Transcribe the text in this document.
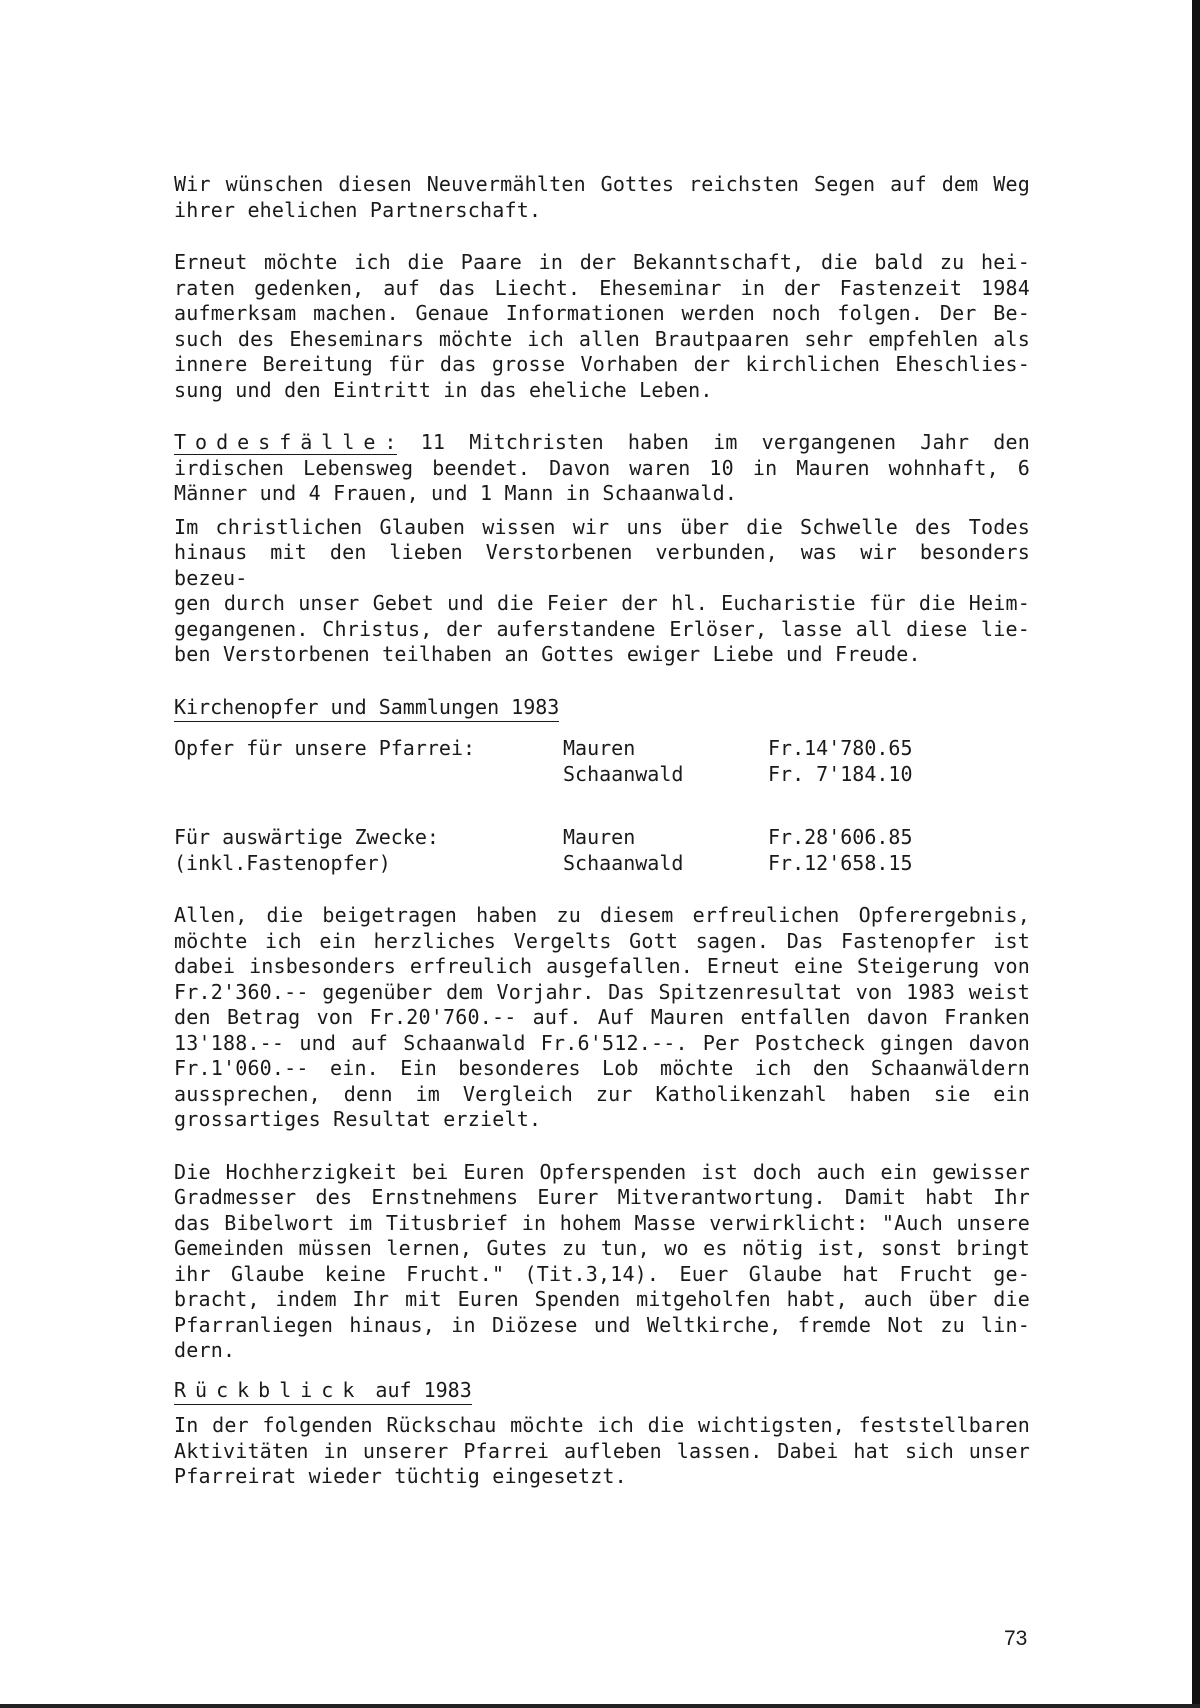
Wir wünschen diesen Neuvermählten Gottes reichsten Segen auf dem Weg
ihrer ehelichen Partnerschaft.

Erneut möchte ich die Paare in der Bekanntschaft, die bald zu hei-
raten gedenken, auf das Liecht. Eheseminar in der Fastenzeit 1984
aufmerksam machen. Genaue Informationen werden noch folgen. Der Be-
such des Eheseminars möchte ich allen Brautpaaren sehr empfehlen als
innere Bereitung für das grosse Vorhaben der kirchlichen Eheschlies-
sung und den Eintritt in das eheliche Leben.

Todesfälle: 11 Mitchristen haben im vergangenen Jahr den
irdischen Lebensweg beendet. Davon waren 10 in Mauren wohnhaft, 6
Männer und 4 Frauen, und 1 Mann in Schaanwald.

Im christlichen Glauben wissen wir uns über die Schwelle des Todes
hinaus mit den lieben Verstorbenen verbunden, was wir besonders bezeu-
gen durch unser Gebet und die Feier der hl. Eucharistie für die Heim-
gegangenen. Christus, der auferstandene Erlöser, lasse all diese lie-
ben Verstorbenen teilhaben an Gottes ewiger Liebe und Freude.

Kirchenopfer und Sammlungen 1983
Opfer für unsere Pfarrei:	Mauren	Fr.14'780.65
	Schaanwald	Fr. 7'184.10

Für auswärtige Zwecke:	Mauren	Fr.28'606.85
(inkl.Fastenopfer)	Schaanwald	Fr.12'658.15

Allen, die beigetragen haben zu diesem erfreulichen Opferergebnis,
möchte ich ein herzliches Vergelts Gott sagen. Das Fastenopfer ist
dabei insbesonders erfreulich ausgefallen. Erneut eine Steigerung von
Fr.2'360.-- gegenüber dem Vorjahr. Das Spitzenresultat von 1983 weist
den Betrag von Fr.20'760.-- auf. Auf Mauren entfallen davon Franken
13'188.-- und auf Schaanwald Fr.6'512.--. Per Postcheck gingen davon
Fr.1'060.-- ein. Ein besonderes Lob möchte ich den Schaanwäldern
aussprechen, denn im Vergleich zur Katholikenzahl haben sie ein
grossartiges Resultat erzielt.

Die Hochherzigkeit bei Euren Opferspenden ist doch auch ein gewisser
Gradmesser des Ernstnehmens Eurer Mitverantwortung. Damit habt Ihr
das Bibelwort im Titusbrief in hohem Masse verwirklicht: "Auch unsere
Gemeinden müssen lernen, Gutes zu tun, wo es nötig ist, sonst bringt
ihr Glaube keine Frucht." (Tit.3,14). Euer Glaube hat Frucht ge-
bracht, indem Ihr mit Euren Spenden mitgeholfen habt, auch über die
Pfarranliegen hinaus, in Diözese und Weltkirche, fremde Not zu lin-
dern.

Rückblick auf 1983

In der folgenden Rückschau möchte ich die wichtigsten, feststellbaren
Aktivitäten in unserer Pfarrei aufleben lassen. Dabei hat sich unser
Pfarreirat wieder tüchtig eingesetzt.

73
